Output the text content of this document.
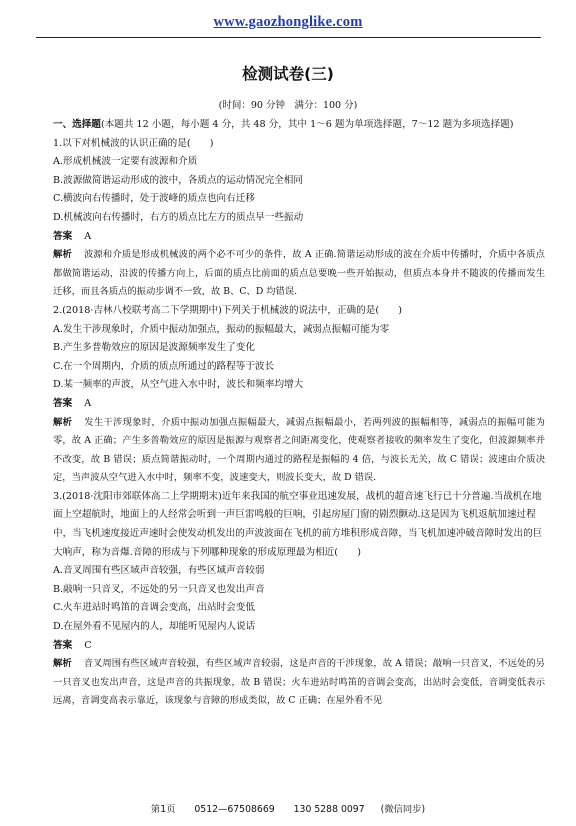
www.gaozhonglike.com
检测试卷(三)
(时间：90 分钟　满分：100 分)

一、选择题(本题共 12 小题，每小题 4 分，共 48 分，其中 1～6 题为单项选择题，7～12 题为多项选择题)

1.以下对机械波的认识正确的是(　　)

A.形成机械波一定要有波源和介质

B.波源做简谐运动形成的波中，各质点的运动情况完全相同

C.横波向右传播时，处于波峰的质点也向右迁移

D.机械波向右传播时，右方的质点比左方的质点早一些振动

答案 A

解析 波源和介质是形成机械波的两个必不可少的条件，故 A 正确.简谐运动形成的波在介质中传播时，介质中各质点都做简谐运动，沿波的传播方向上，后面的质点比前面的质点总要晚一些开始振动，但质点本身并不随波的传播而发生迁移，而且各质点的振动步调不一致，故 B、C、D 均错误.

2.(2018·吉林八校联考高二下学期期中)下列关于机械波的说法中，正确的是(　　)

A.发生干涉现象时，介质中振动加强点，振动的振幅最大，减弱点振幅可能为零

B.产生多普勒效应的原因是波源频率发生了变化

C.在一个周期内，介质的质点所通过的路程等于波长

D.某一频率的声波，从空气进入水中时，波长和频率均增大

答案 A

解析 发生干涉现象时，介质中振动加强点振幅最大，减弱点振幅最小，若两列波的振幅相等，减弱点的振幅可能为零，故 A 正确；产生多普勒效应的原因是振源与观察者之间距离变化，使观察者接收的频率发生了变化，但波源频率并不改变，故 B 错误；质点简谐振动时，一个周期内通过的路程是振幅的 4 倍，与波长无关，故 C 错误；波速由介质决定，当声波从空气进入水中时，频率不变，波速变大，则波长变大，故 D 错误.

3.(2018·沈阳市郊联体高二上学期期末)近年来我国的航空事业迅速发展，战机的超音速飞行已十分普遍.当战机在地面上空超航时，地面上的人经常会听到一声巨雷鸣般的巨响，引起房屋门窗的剧烈颤动.这是因为飞机返航加速过程中，当飞机速度接近声速时会使发动机发出的声波波面在飞机的前方堆积形成音障，当飞机加速冲破音障时发出的巨大响声，称为音爆.音障的形成与下列哪种现象的形成原理最为相近(　　)

A.音叉周围有些区域声音较强，有些区域声音较弱

B.敲响一只音叉，不远处的另一只音叉也发出声音

C.火车进站时鸣笛的音调会变高，出站时会变低

D.在屋外看不见屋内的人，却能听见屋内人说话

答案 C

解析 音叉周围有些区域声音较强，有些区域声音较弱，这是声音的干涉现象，故 A 错误；敲响一只音叉，不远处的另一只音叉也发出声音，这是声音的共振现象，故 B 错误；火车进站时鸣笛的音调会变高，出站时会变低，音调变低表示远离，音调变高表示靠近，该现象与音障的形成类似，故 C 正确；在屋外看不见

第1页 0512—67508669 130 5288 0097 (微信同步)
